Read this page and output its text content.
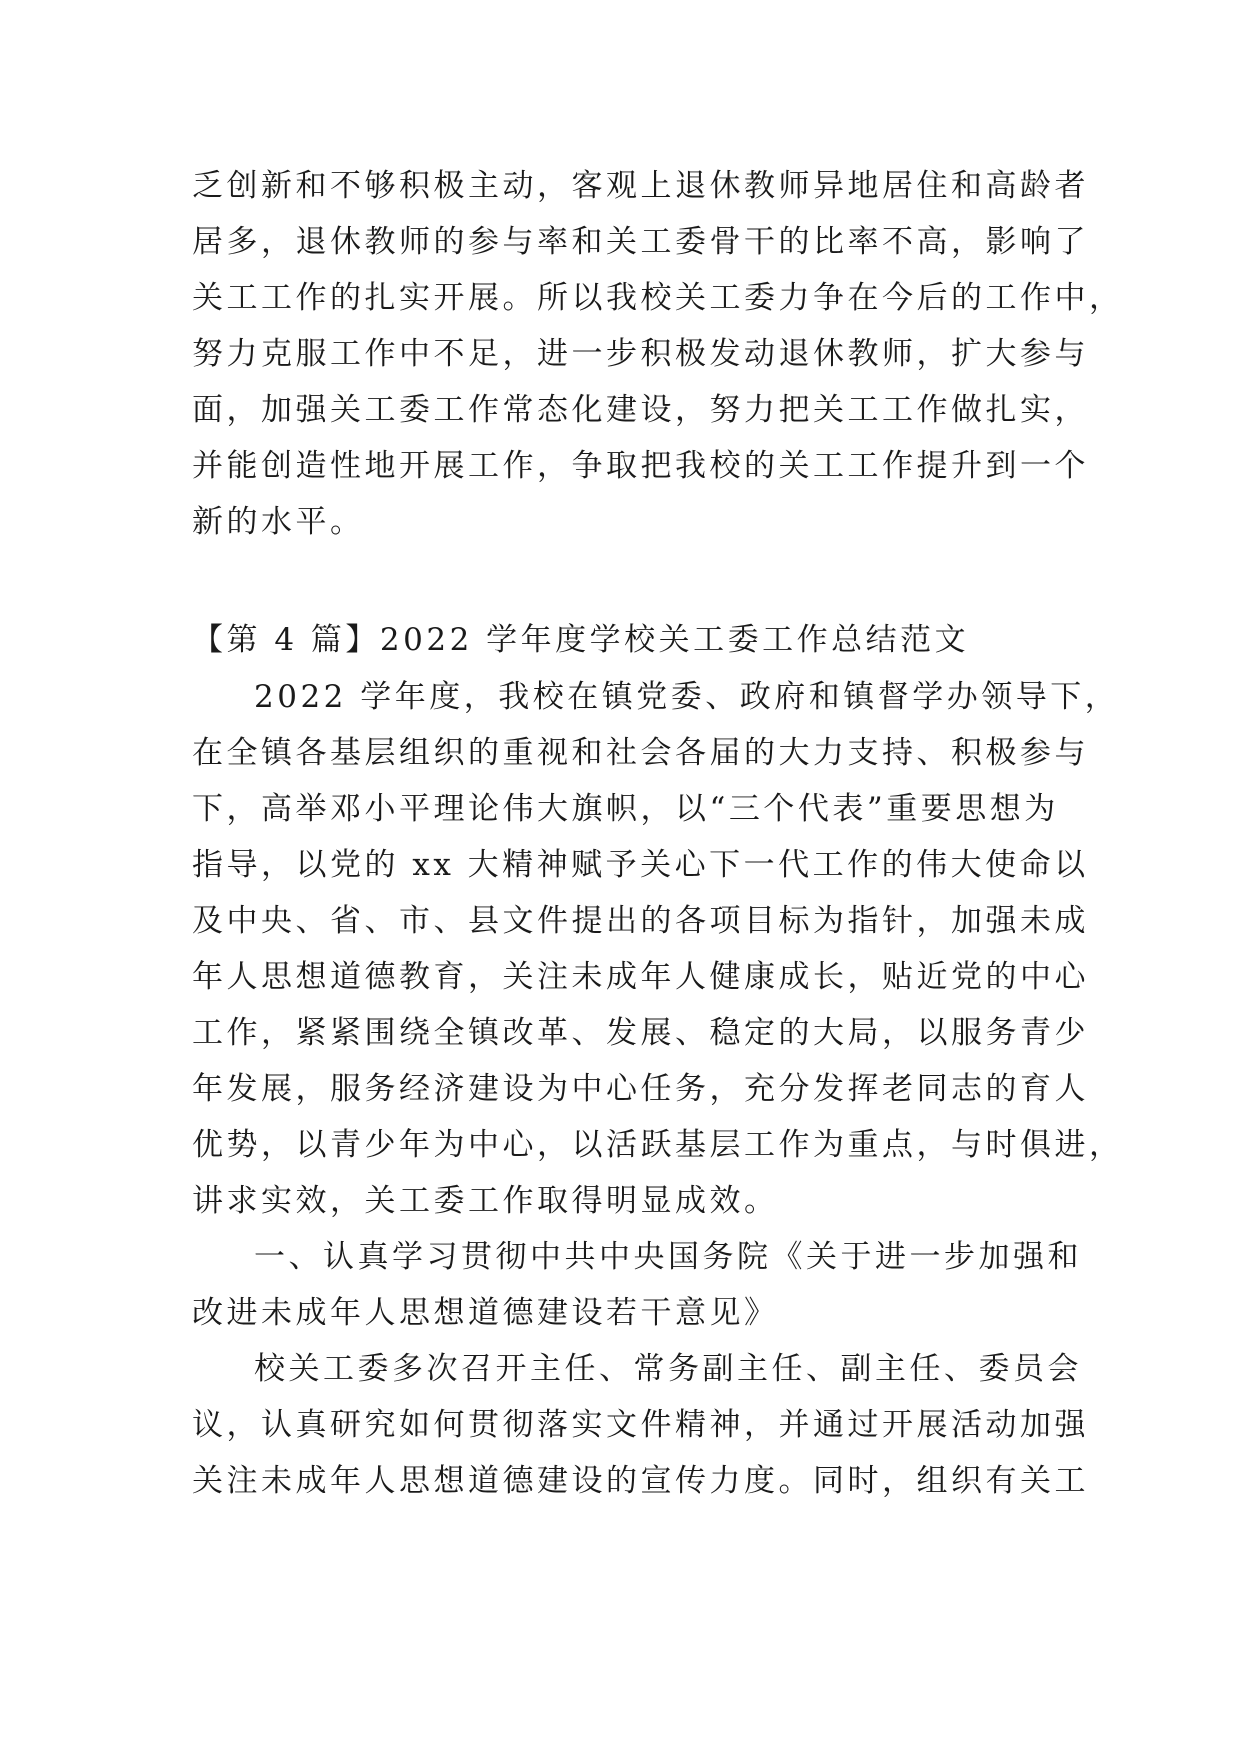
乏创新和不够积极主动，客观上退休教师异地居住和高龄者
居多，退休教师的参与率和关工委骨干的比率不高，影响了
关工工作的扎实开展。所以我校关工委力争在今后的工作中，
努力克服工作中不足，进一步积极发动退休教师，扩大参与
面，加强关工委工作常态化建设，努力把关工工作做扎实，
并能创造性地开展工作，争取把我校的关工工作提升到一个
新的水平。
【第 4 篇】2022 学年度学校关工委工作总结范文
2022 学年度，我校在镇党委、政府和镇督学办领导下，
在全镇各基层组织的重视和社会各届的大力支持、积极参与
下，高举邓小平理论伟大旗帜，以“三个代表”重要思想为
指导，以党的 xx 大精神赋予关心下一代工作的伟大使命以
及中央、省、市、县文件提出的各项目标为指针，加强未成
年人思想道德教育，关注未成年人健康成长，贴近党的中心
工作，紧紧围绕全镇改革、发展、稳定的大局，以服务青少
年发展，服务经济建设为中心任务，充分发挥老同志的育人
优势，以青少年为中心，以活跃基层工作为重点，与时俱进，
讲求实效，关工委工作取得明显成效。
一、认真学习贯彻中共中央国务院《关于进一步加强和
改进未成年人思想道德建设若干意见》
校关工委多次召开主任、常务副主任、副主任、委员会
议，认真研究如何贯彻落实文件精神，并通过开展活动加强
关注未成年人思想道德建设的宣传力度。同时，组织有关工
